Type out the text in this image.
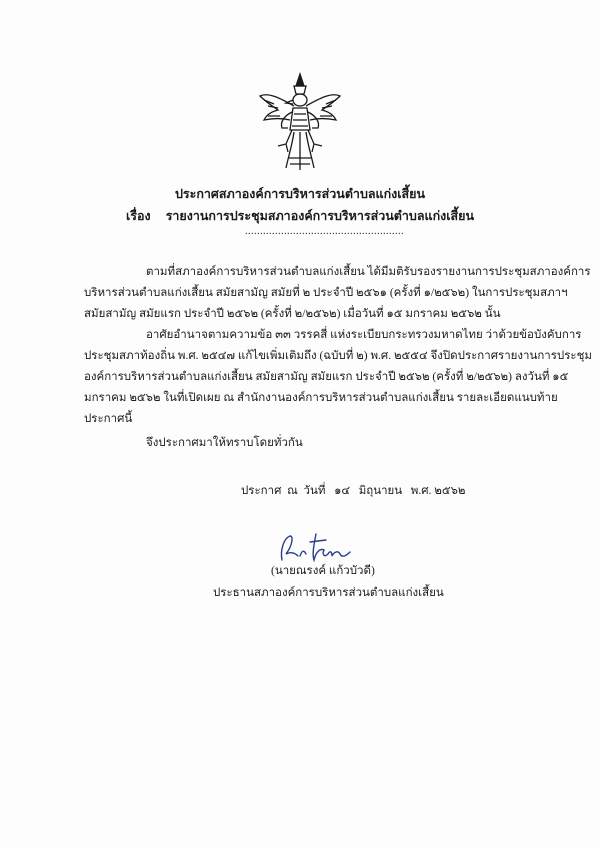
ประกาศสภาองค์การบริหารส่วนตำบลแก่งเสี้ยน
เรื่อง รายงานการประชุมสภาองค์การบริหารส่วนตำบลแก่งเสี้ยน
.....................................................
ตามที่สภาองค์การบริหารส่วนตำบลแก่งเสี้ยน ได้มีมติรับรองรายงานการประชุมสภาองค์การ
บริหารส่วนตำบลแก่งเสี้ยน สมัยสามัญ สมัยที่ ๒ ประจำปี ๒๕๖๑ (ครั้งที่ ๑/๒๕๖๒) ในการประชุมสภาฯ
สมัยสามัญ สมัยแรก ประจำปี ๒๕๖๒ (ครั้งที่ ๒/๒๕๖๒) เมื่อวันที่ ๑๕ มกราคม ๒๕๖๒ นั้น
อาศัยอำนาจตามความข้อ ๓๓ วรรคสี่ แห่งระเบียบกระทรวงมหาดไทย ว่าด้วยข้อบังคับการ
ประชุมสภาท้องถิ่น พ.ศ. ๒๕๔๗ แก้ไขเพิ่มเติมถึง (ฉบับที่ ๒) พ.ศ. ๒๕๕๔ จึงปิดประกาศรายงานการประชุม
องค์การบริหารส่วนตำบลแก่งเสี้ยน สมัยสามัญ สมัยแรก ประจำปี ๒๕๖๒ (ครั้งที่ ๒/๒๕๖๒) ลงวันที่ ๑๕
มกราคม ๒๕๖๒ ในที่เปิดเผย ณ สำนักงานองค์การบริหารส่วนตำบลแก่งเสี้ยน รายละเอียดแนบท้าย
ประกาศนี้
จึงประกาศมาให้ทราบโดยทั่วกัน
ประกาศ  ณ  วันที่   ๑๔   มิถุนายน   พ.ศ. ๒๕๖๒
(นายณรงค์ แก้วบัวดี)
ประธานสภาองค์การบริหารส่วนตำบลแก่งเสี้ยน
